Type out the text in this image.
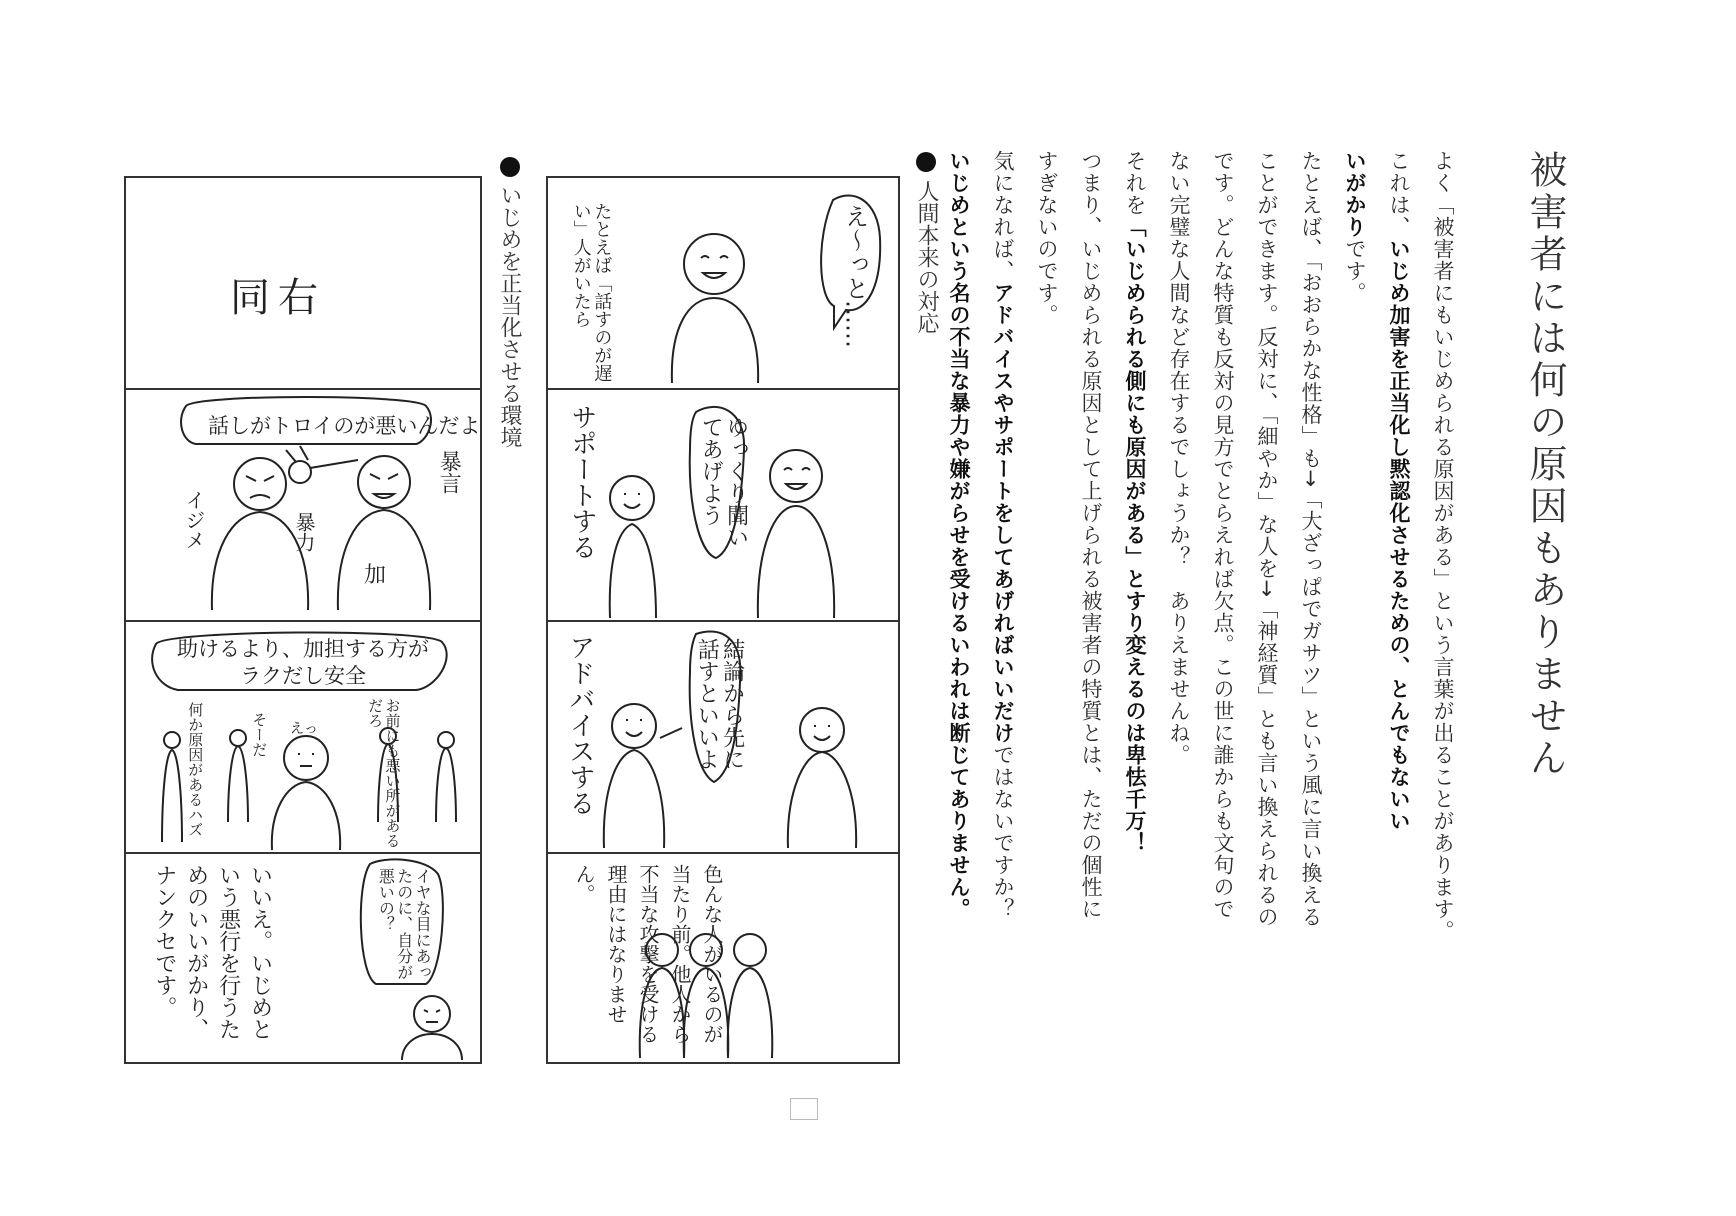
被害者には何の原因もありません
よく「被害者にもいじめられる原因がある」という言葉が出ることがあります。
これは、いじめ加害を正当化し黙認化させるための、とんでもないい
いがかりです。
たとえば、「おおらかな性格」も→「大ざっぱでガサツ」という風に言い換える
ことができます。反対に、「細やか」な人を→「神経質」とも言い換えられるの
です。どんな特質も反対の見方でとらえれば欠点。この世に誰からも文句ので
ない完璧な人間など存在するでしょうか？　ありえませんね。
それを「いじめられる側にも原因がある」とすり変えるのは卑怯千万！
つまり、いじめられる原因として上げられる被害者の特質とは、ただの個性に
すぎないのです。
気になれば、アドバイスやサポートをしてあげればいいだけではないですか？
いじめという名の不当な暴力や嫌がらせを受けるいわれは断じてありません。
人間本来の対応
いじめを正当化させる環境	え〜っと……
たとえば「話すのが遅い」人がいたら
ゆっくり聞いてあげよう
サポートする
結論から先に話すといいよ
アドバイスする
色んな人がいるのが当たり前。他人から不当な攻撃を受ける理由にはなりません。
同右
話しがトロイのが悪いんだよ
暴言
暴力
イジメ
加
助けるより、加担する方がラクだし安全
お前にも悪い所があるだろ
そーだ
何か原因があるハズ	えっ
イヤな目にあったのに、自分が悪いの？
いいえ。いじめという悪行を行うためのいいがかり、ナンクセです。
